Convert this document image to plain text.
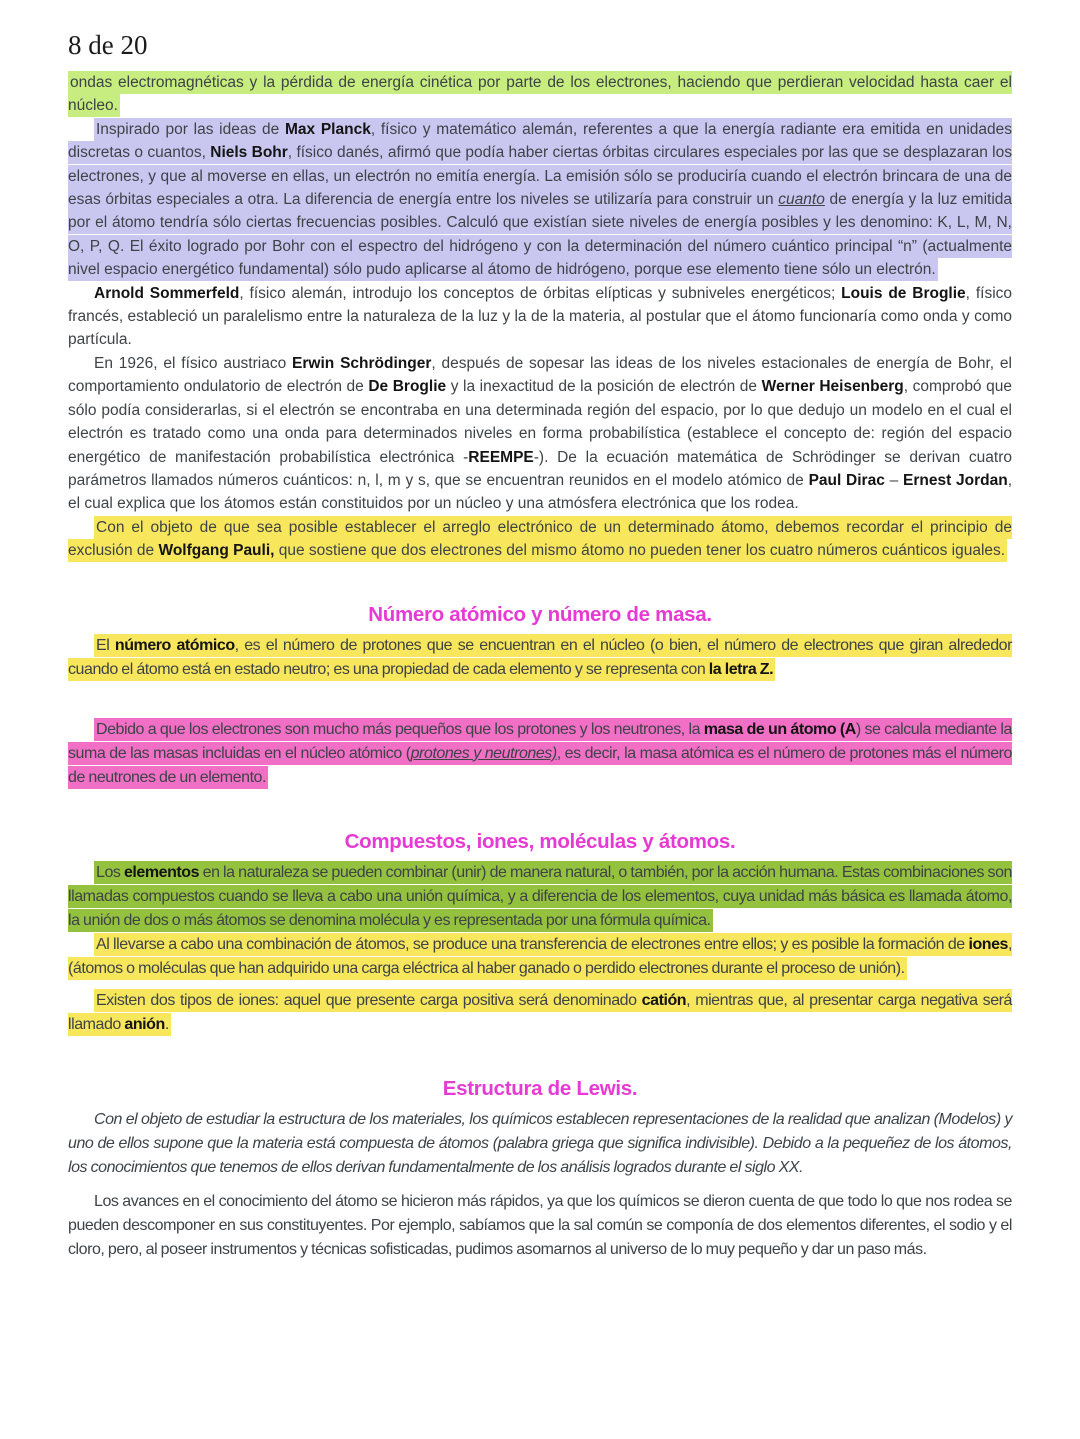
8 de 20

ondas electromagnéticas y la pérdida de energía cinética por parte de los electrones, haciendo que perdieran velocidad hasta caer el núcleo.

Inspirado por las ideas de Max Planck, físico y matemático alemán, referentes a que la energía radiante era emitida en unidades discretas o cuantos, Niels Bohr, físico danés, afirmó que podía haber ciertas órbitas circulares especiales por las que se desplazaran los electrones, y que al moverse en ellas, un electrón no emitía energía. La emisión sólo se produciría cuando el electrón brincara de una de esas órbitas especiales a otra. La diferencia de energía entre los niveles se utilizaría para construir un cuanto de energía y la luz emitida por el átomo tendría sólo ciertas frecuencias posibles. Calculó que existían siete niveles de energía posibles y les denomino: K, L, M, N, O, P, Q. El éxito logrado por Bohr con el espectro del hidrógeno y con la determinación del número cuántico principal “n” (actualmente nivel espacio energético fundamental) sólo pudo aplicarse al átomo de hidrógeno, porque ese elemento tiene sólo un electrón.

Arnold Sommerfeld, físico alemán, introdujo los conceptos de órbitas elípticas y subniveles energéticos; Louis de Broglie, físico francés, estableció un paralelismo entre la naturaleza de la luz y la de la materia, al postular que el átomo funcionaría como onda y como partícula.

En 1926, el físico austriaco Erwin Schrödinger, después de sopesar las ideas de los niveles estacionales de energía de Bohr, el comportamiento ondulatorio de electrón de De Broglie y la inexactitud de la posición de electrón de Werner Heisenberg, comprobó que sólo podía considerarlas, si el electrón se encontraba en una determinada región del espacio, por lo que dedujo un modelo en el cual el electrón es tratado como una onda para determinados niveles en forma probabilística (establece el concepto de: región del espacio energético de manifestación probabilística electrónica -REEMPE-). De la ecuación matemática de Schrödinger se derivan cuatro parámetros llamados números cuánticos: n, l, m y s, que se encuentran reunidos en el modelo atómico de Paul Dirac – Ernest Jordan, el cual explica que los átomos están constituidos por un núcleo y una atmósfera electrónica que los rodea.

Con el objeto de que sea posible establecer el arreglo electrónico de un determinado átomo, debemos recordar el principio de exclusión de Wolfgang Pauli, que sostiene que dos electrones del mismo átomo no pueden tener los cuatro números cuánticos iguales.

Número atómico y número de masa.

El número atómico, es el número de protones que se encuentran en el núcleo (o bien, el número de electrones que giran alrededor cuando el átomo está en estado neutro; es una propiedad de cada elemento y se representa con la letra Z.

Debido a que los electrones son mucho más pequeños que los protones y los neutrones, la masa de un átomo (A) se calcula mediante la suma de las masas incluidas en el núcleo atómico (protones y neutrones), es decir, la masa atómica es el número de protones más el número de neutrones de un elemento.

Compuestos, iones, moléculas y átomos.

Los elementos en la naturaleza se pueden combinar (unir) de manera natural, o también, por la acción humana. Estas combinaciones son llamadas compuestos cuando se lleva a cabo una unión química, y a diferencia de los elementos, cuya unidad más básica es llamada átomo, la unión de dos o más átomos se denomina molécula y es representada por una fórmula química.

Al llevarse a cabo una combinación de átomos, se produce una transferencia de electrones entre ellos; y es posible la formación de iones, (átomos o moléculas que han adquirido una carga eléctrica al haber ganado o perdido electrones durante el proceso de unión).

Existen dos tipos de iones: aquel que presente carga positiva será denominado catión, mientras que, al presentar carga negativa será llamado anión.

Estructura de Lewis.

Con el objeto de estudiar la estructura de los materiales, los químicos establecen representaciones de la realidad que analizan (Modelos) y uno de ellos supone que la materia está compuesta de átomos (palabra griega que significa indivisible). Debido a la pequeñez de los átomos, los conocimientos que tenemos de ellos derivan fundamentalmente de los análisis logrados durante el siglo XX.

Los avances en el conocimiento del átomo se hicieron más rápidos, ya que los químicos se dieron cuenta de que todo lo que nos rodea se pueden descomponer en sus constituyentes. Por ejemplo, sabíamos que la sal común se componía de dos elementos diferentes, el sodio y el cloro, pero, al poseer instrumentos y técnicas sofisticadas, pudimos asomarnos al universo de lo muy pequeño y dar un paso más.
